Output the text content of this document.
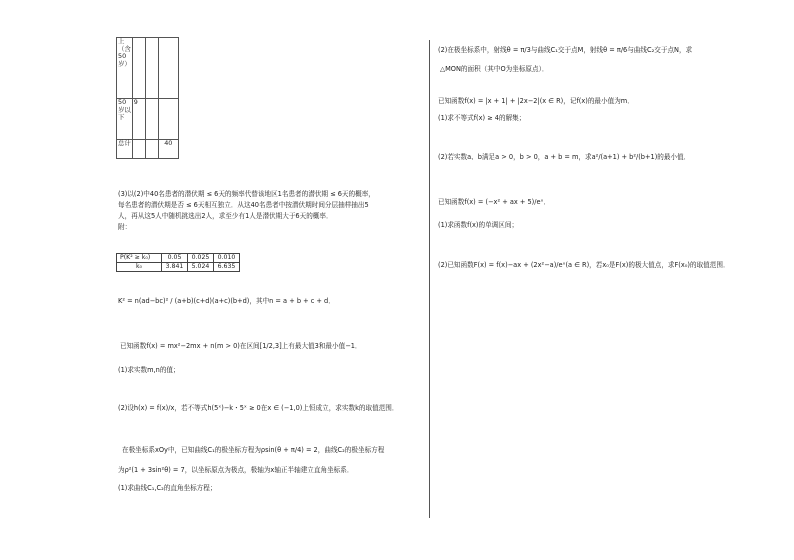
上（含50岁）			
50岁以下	9		
总计			40
(3)以(2)中40名患者的潜伏期 ≤ 6天的频率代替该地区1名患者的潜伏期 ≤ 6天的概率，
每名患者的潜伏期是否 ≤ 6天相互独立．从这40名患者中按潜伏期时间分层抽样抽出5
人，再从这5人中随机挑选出2人，求至少有1人是潜伏期大于6天的概率．
附：
P(K² ≥ k₀)	0.05	0.025	0.010
k₀	3.841	5.024	6.635
K² = n(ad−bc)² / (a+b)(c+d)(a+c)(b+d)，其中n = a + b + c + d．
已知函数f(x) = mx²−2mx + n(m > 0)在区间[1/2,3]上有最大值3和最小值−1．
(1)求实数m,n的值；
(2)设h(x) = f(x)/x，若不等式h(5ˣ)−k・5ˣ ≥ 0在x ∈ (−1,0)上恒成立，求实数k的取值范围．
在极坐标系xOy中，已知曲线C₁的极坐标方程为ρsin(θ + π/4) = 2，曲线C₂的极坐标方程
为ρ²(1 + 3sin²θ) = 7，以坐标原点为极点，极轴为x轴正半轴建立直角坐标系．
(1)求曲线C₁,C₂的直角坐标方程；
(2)在极坐标系中，射线θ = π/3与曲线C₁交于点M，射线θ = π/6与曲线C₂交于点N，求
△MON的面积（其中O为坐标原点）．
已知函数f(x) = |x + 1| + |2x−2|(x ∈ R)，记f(x)的最小值为m．
(1)求不等式f(x) ≥ 4的解集；
(2)若实数a、b满足a > 0，b > 0，a + b = m，求a²/(a+1) + b²/(b+1)的最小值．
已知函数f(x) = (−x² + ax + 5)/eˣ．
(1)求函数f(x)的单调区间；
(2)已知函数F(x) = f(x)−ax + (2x²−a)/eˣ(a ∈ R)，若x₀是F(x)的极大值点，求F(x₀)的取值范围．
